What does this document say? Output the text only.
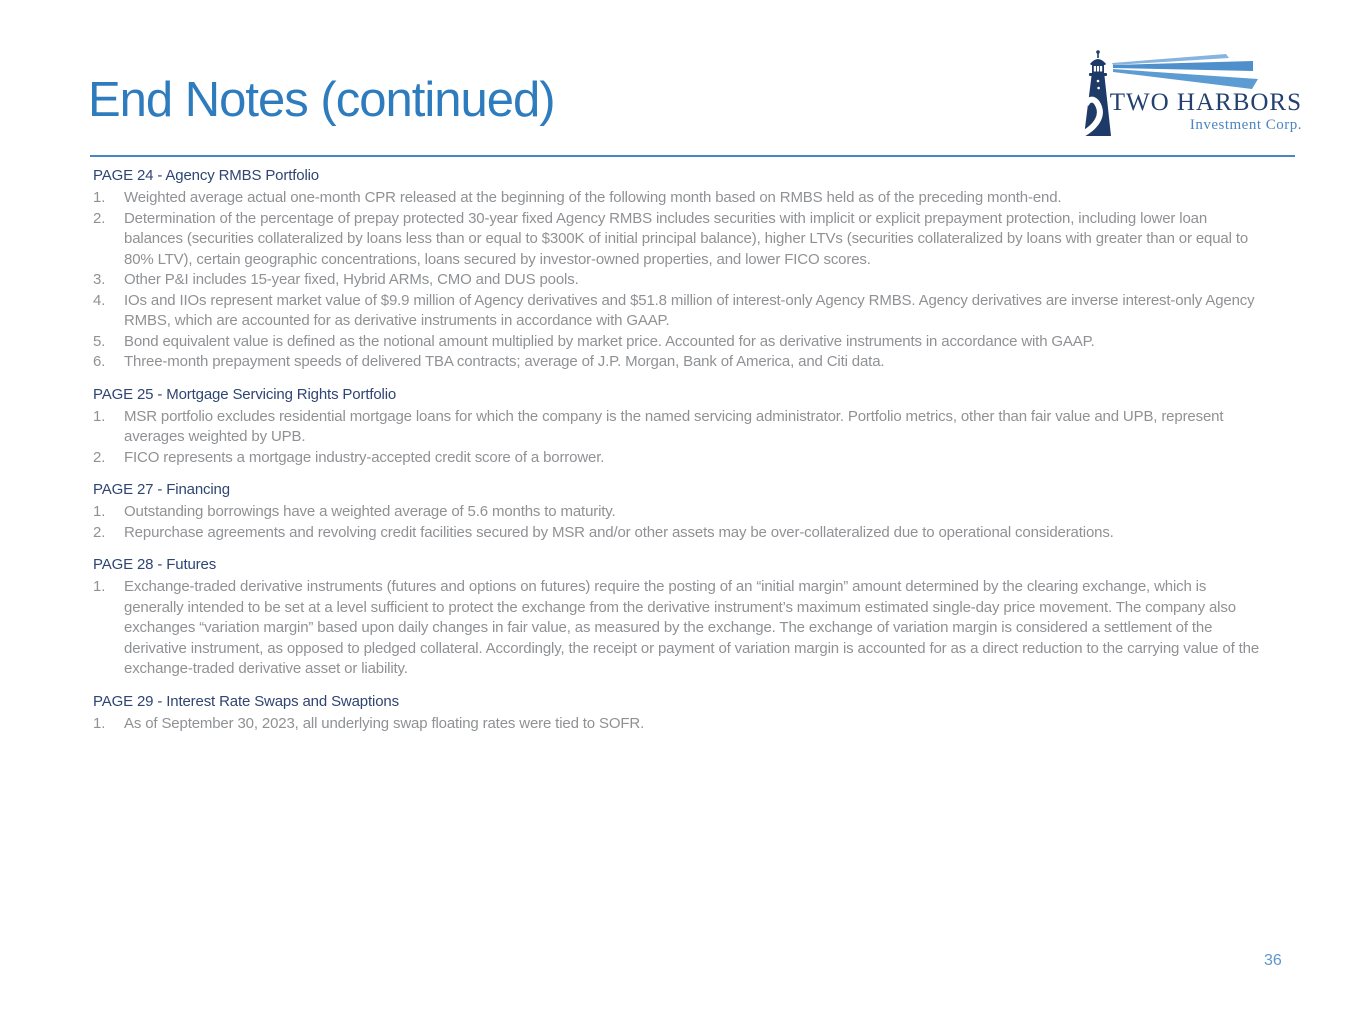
End Notes (continued)	TWO HARBORS
Investment Corp.
PAGE 24 - Agency RMBS Portfolio
1.	Weighted average actual one-month CPR released at the beginning of the following month based on RMBS held as of the preceding month-end.
2.	Determination of the percentage of prepay protected 30-year fixed Agency RMBS includes securities with implicit or explicit prepayment protection, including lower loan balances (securities collateralized by loans less than or equal to $300K of initial principal balance), higher LTVs (securities collateralized by loans with greater than or equal to 80% LTV), certain geographic concentrations, loans secured by investor-owned properties, and lower FICO scores.
3.	Other P&I includes 15-year fixed, Hybrid ARMs, CMO and DUS pools.
4.	IOs and IIOs represent market value of $9.9 million of Agency derivatives and $51.8 million of interest-only Agency RMBS. Agency derivatives are inverse interest-only Agency RMBS, which are accounted for as derivative instruments in accordance with GAAP.
5.	Bond equivalent value is defined as the notional amount multiplied by market price. Accounted for as derivative instruments in accordance with GAAP.
6.	Three-month prepayment speeds of delivered TBA contracts; average of J.P. Morgan, Bank of America, and Citi data.
PAGE 25 - Mortgage Servicing Rights Portfolio
1.	MSR portfolio excludes residential mortgage loans for which the company is the named servicing administrator. Portfolio metrics, other than fair value and UPB, represent averages weighted by UPB.
2.	FICO represents a mortgage industry-accepted credit score of a borrower.
PAGE 27 - Financing
1.	Outstanding borrowings have a weighted average of 5.6 months to maturity.
2.	Repurchase agreements and revolving credit facilities secured by MSR and/or other assets may be over-collateralized due to operational considerations.
PAGE 28 - Futures
1.	Exchange-traded derivative instruments (futures and options on futures) require the posting of an “initial margin” amount determined by the clearing exchange, which is generally intended to be set at a level sufficient to protect the exchange from the derivative instrument’s maximum estimated single-day price movement. The company also exchanges “variation margin” based upon daily changes in fair value, as measured by the exchange. The exchange of variation margin is considered a settlement of the derivative instrument, as opposed to pledged collateral. Accordingly, the receipt or payment of variation margin is accounted for as a direct reduction to the carrying value of the exchange-traded derivative asset or liability.
PAGE 29 - Interest Rate Swaps and Swaptions
1.	As of September 30, 2023, all underlying swap floating rates were tied to SOFR.
36
